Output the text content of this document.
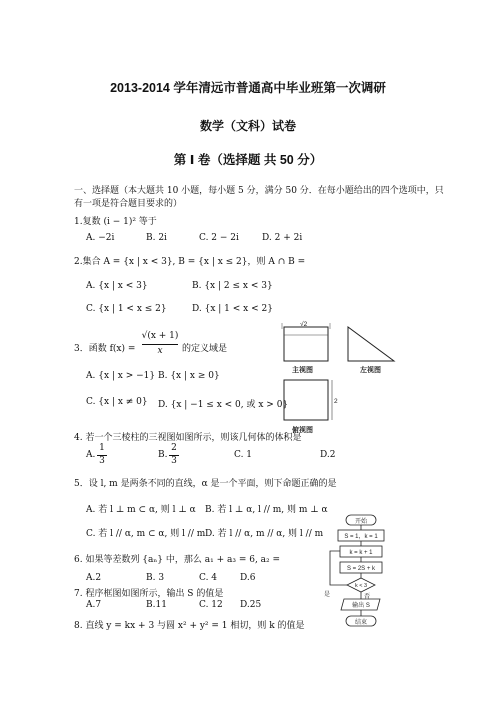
2013-2014 学年清远市普通高中毕业班第一次调研
数学（文科）试卷
第 Ⅰ 卷（选择题 共 50 分）
一、选择题（本大题共 10 小题，每小题 5 分，满分 50 分．在每小题给出的四个选项中，只
有一项是符合题目要求的）
1.复数 (i − 1)² 等于
A. −2i	B. 2i	C. 2 − 2i	D. 2 + 2i
2.集合 A = {x | x < 3}, B = {x | x ≤ 2}，则 A ∩ B =
A. {x | x < 3}	B. {x | 2 ≤ x < 3}
C. {x | 1 < x ≤ 2}	D. {x | 1 < x < 2}
3．函数 f(x) =
√(x + 1)
x	的定义域是
A. {x | x > −1} B. {x | x ≥ 0}
C. {x | x ≠ 0} D. {x | −1 ≤ x < 0, 或 x > 0}
4. 若一个三棱柱的三视图如图所示，则该几何体的体积是
A.
1
3
B.
2
3
C. 1	D.2
5．设 l, m 是两条不同的直线，α 是一个平面，则下命题正确的是
A. 若 l ⊥ m ⊂ α, 则 l ⊥ α B. 若 l ⊥ α, l // m, 则 m ⊥ α
C. 若 l // α, m ⊂ α, 则 l // m D. 若 l // α, m // α, 则 l // m
6. 如果等差数列 {aₙ} 中，那么 a₁ + a₃ = 6, a₂ =
A.2	B. 3	C. 4	D.6
7. 程序框图如图所示，输出 S 的值是
A.7	B.11	C. 12 D.25
8. 直线 y = kx + 3 与圆 x² + y² = 1 相切，则 k 的值是
√2
主视图	左视图
2
俯视图
开始
S = 1，k = 1
k = k + 1
S = 2S + k
k < 3
是	否
输出 S
结束
